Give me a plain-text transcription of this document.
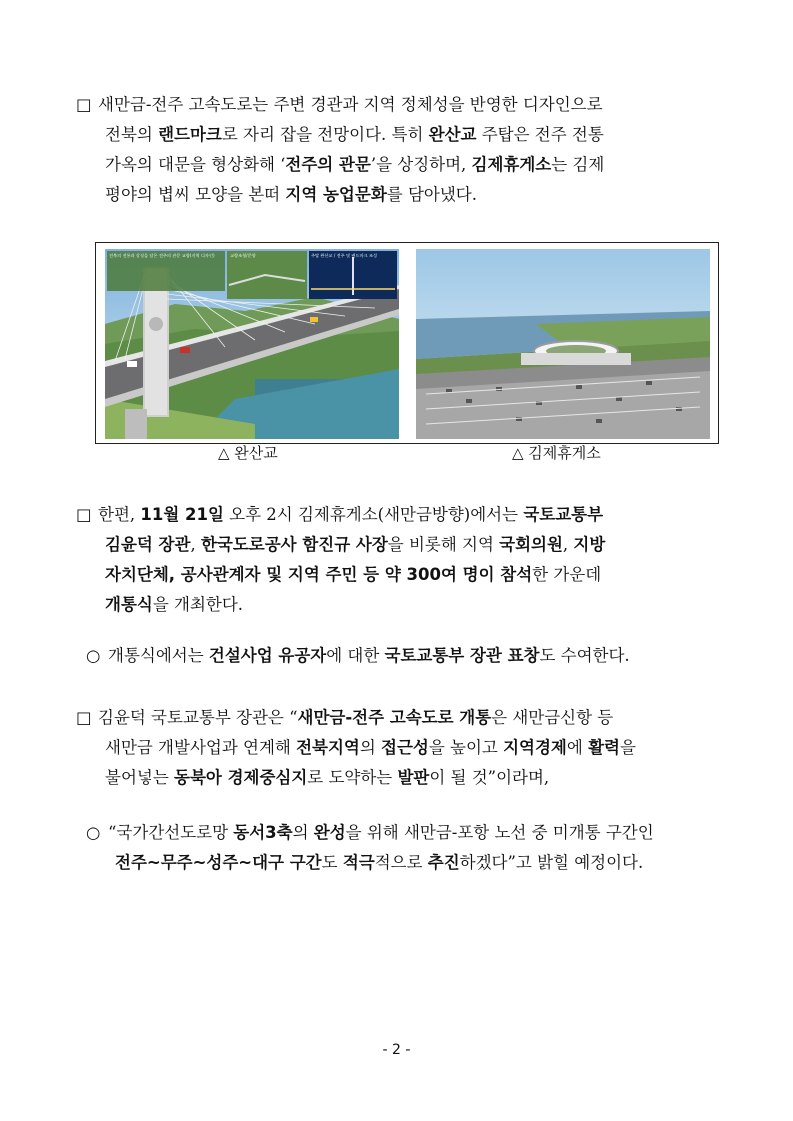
□ 새만금-전주 고속도로는 주변 경관과 지역 정체성을 반영한 디자인으로
전북의 랜드마크로 자리 잡을 전망이다. 특히 완산교 주탑은 전주 전통
가옥의 대문을 형상화해 ‘전주의 관문’을 상징하며, 김제휴게소는 김제
평야의 볍씨 모양을 본떠 지역 농업문화를 담아냈다.
전북의 전통과 상징을 담은 전주의 관문 교량(지역 디자인)	교량조형/문양	주탑 완산교 / 전주 및 랜드마크 조성
△ 완산교	△ 김제휴게소
□ 한편, 11월 21일 오후 2시 김제휴게소(새만금방향)에서는 국토교통부
김윤덕 장관, 한국도로공사 함진규 사장을 비롯해 지역 국회의원, 지방
자치단체, 공사관계자 및 지역 주민 등 약 300여 명이 참석한 가운데
개통식을 개최한다.
○ 개통식에서는 건설사업 유공자에 대한 국토교통부 장관 표창도 수여한다.
□ 김윤덕 국토교통부 장관은 “새만금-전주 고속도로 개통은 새만금신항 등
새만금 개발사업과 연계해 전북지역의 접근성을 높이고 지역경제에 활력을
불어넣는 동북아 경제중심지로 도약하는 발판이 될 것”이라며,
○ “국가간선도로망 동서3축의 완성을 위해 새만금-포항 노선 중 미개통 구간인
전주~무주~성주~대구 구간도 적극적으로 추진하겠다”고 밝힐 예정이다.
- 2 -
